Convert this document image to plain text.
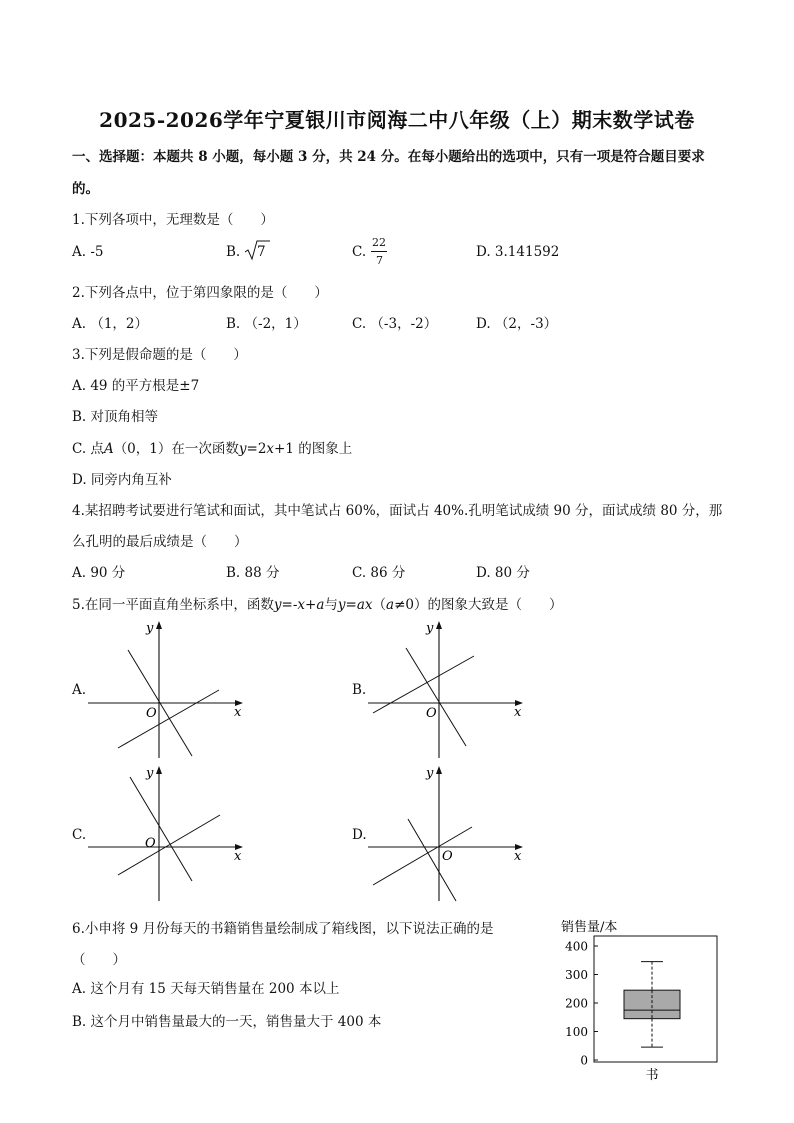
2025-2026学年宁夏银川市阅海二中八年级（上）期末数学试卷
一、选择题：本题共 8 小题，每小题 3 分，共 24 分。在每小题给出的选项中，只有一项是符合题目要求
的。
1.下列各项中，无理数是（　　）
A. -5	B. 7	C.
22
7
D. 3.141592
2.下列各点中，位于第四象限的是（　　）
A. （1，2）	B. （-2，1）	C. （-3，-2）	D. （2，-3）
3.下列是假命题的是（　　）
A. 49 的平方根是±7
B. 对顶角相等
C. 点A（0，1）在一次函数y=2x+1 的图象上
D. 同旁内角互补
4.某招聘考试要进行笔试和面试，其中笔试占 60%，面试占 40%.孔明笔试成绩 90 分，面试成绩 80 分，那
么孔明的最后成绩是（　　）
A. 90 分	B. 88 分	C. 86 分	D. 80 分
5.在同一平面直角坐标系中，函数y=-x+a与y=ax（a≠0）的图象大致是（　　）
A.
O	x
y
B.
O	x
y
C.
O
x
y
D.
O	x
y
6.小申将 9 月份每天的书籍销售量绘制成了箱线图，以下说法正确的是
（　　）
A. 这个月有 15 天每天销售量在 200 本以上
B. 这个月中销售量最大的一天，销售量大于 400 本
销售量/本
0
100
200
300
400
书
